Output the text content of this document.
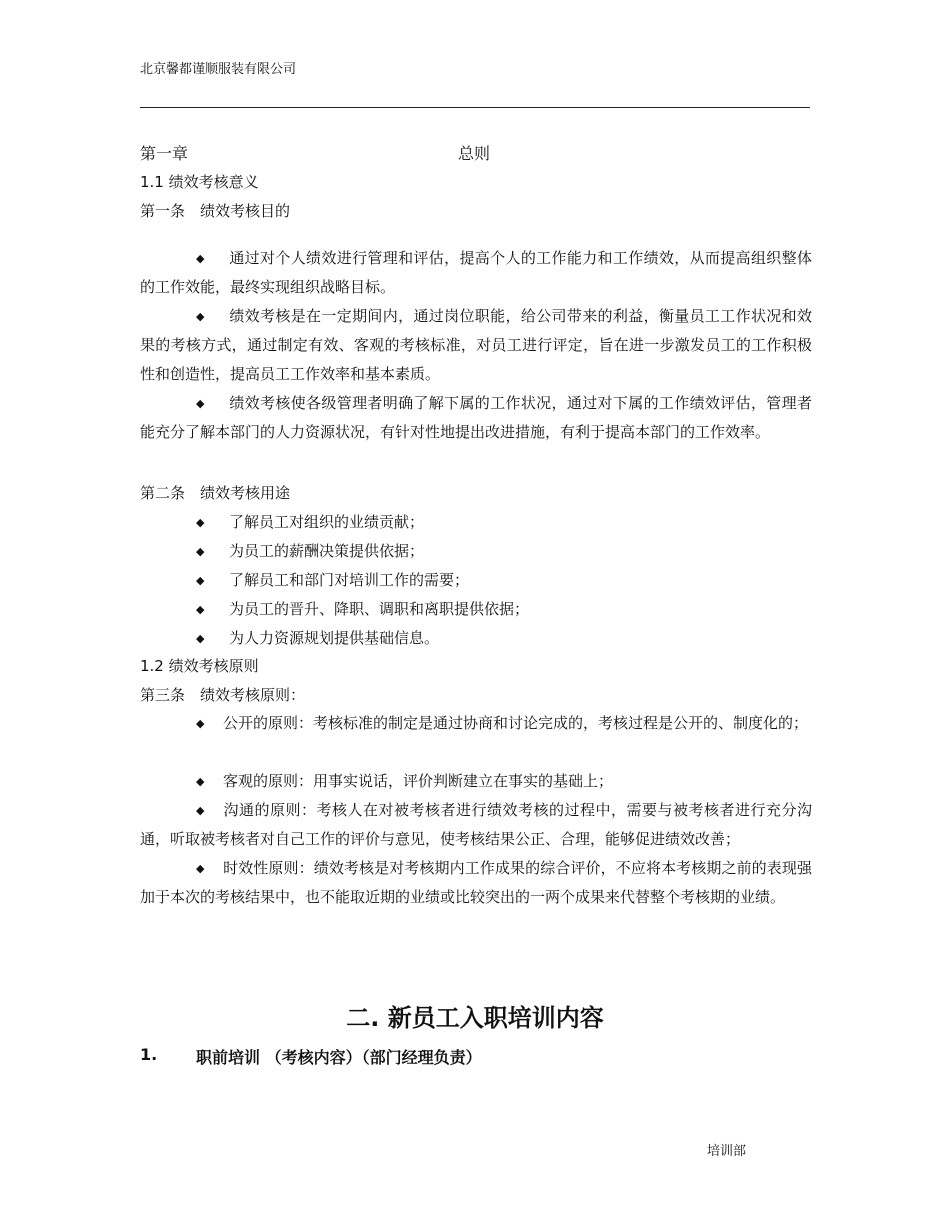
北京馨都谨顺服装有限公司
第一章	总则
1.1 绩效考核意义
第一条　绩效考核目的
◆ 通过对个人绩效进行管理和评估，提高个人的工作能力和工作绩效，从而提高组织整体的工作效能，最终实现组织战略目标。
◆ 绩效考核是在一定期间内，通过岗位职能，给公司带来的利益，衡量员工工作状况和效果的考核方式，通过制定有效、客观的考核标准，对员工进行评定，旨在进一步激发员工的工作积极性和创造性，提高员工工作效率和基本素质。
◆ 绩效考核使各级管理者明确了解下属的工作状况，通过对下属的工作绩效评估，管理者能充分了解本部门的人力资源状况，有针对性地提出改进措施，有利于提高本部门的工作效率。
第二条　绩效考核用途
◆ 了解员工对组织的业绩贡献；
◆ 为员工的薪酬决策提供依据；
◆ 了解员工和部门对培训工作的需要；
◆ 为员工的晋升、降职、调职和离职提供依据；
◆ 为人力资源规划提供基础信息。
1.2 绩效考核原则
第三条　绩效考核原则：
◆ 公开的原则：考核标准的制定是通过协商和讨论完成的，考核过程是公开的、制度化的；
◆ 客观的原则：用事实说话，评价判断建立在事实的基础上；
◆ 沟通的原则：考核人在对被考核者进行绩效考核的过程中，需要与被考核者进行充分沟通，听取被考核者对自己工作的评价与意见，使考核结果公正、合理，能够促进绩效改善；
◆ 时效性原则：绩效考核是对考核期内工作成果的综合评价，不应将本考核期之前的表现强加于本次的考核结果中，也不能取近期的业绩或比较突出的一两个成果来代替整个考核期的业绩。
二. 新员工入职培训内容
1. 职前培训 （考核内容）（部门经理负责）
培训部
